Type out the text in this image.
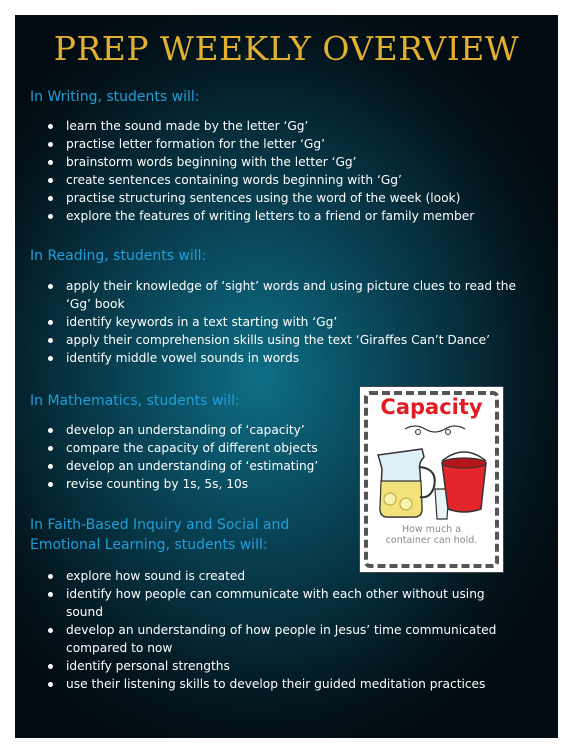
PREP WEEKLY OVERVIEW

In Writing, students will:

learn the sound made by the letter ‘Gg’
practise letter formation for the letter ‘Gg’
brainstorm words beginning with the letter ‘Gg’
create sentences containing words beginning with ‘Gg’
practise structuring sentences using the word of the week (look)
explore the features of writing letters to a friend or family member

In Reading, students will:

apply their knowledge of ‘sight’ words and using picture clues to read the ‘Gg’ book
identify keywords in a text starting with ‘Gg’
apply their comprehension skills using the text ‘Giraffes Can’t Dance’
identify middle vowel sounds in words

In Mathematics, students will:

develop an understanding of ‘capacity’
compare the capacity of different objects
develop an understanding of ‘estimating’
revise counting by 1s, 5s, 10s

In Faith-Based Inquiry and Social and
Emotional Learning, students will:

explore how sound is created
identify how people can communicate with each other without using sound
develop an understanding of how people in Jesus’ time communicated compared to now
identify personal strengths
use their listening skills to develop their guided meditation practices
Capacity
How much a
container can hold.
